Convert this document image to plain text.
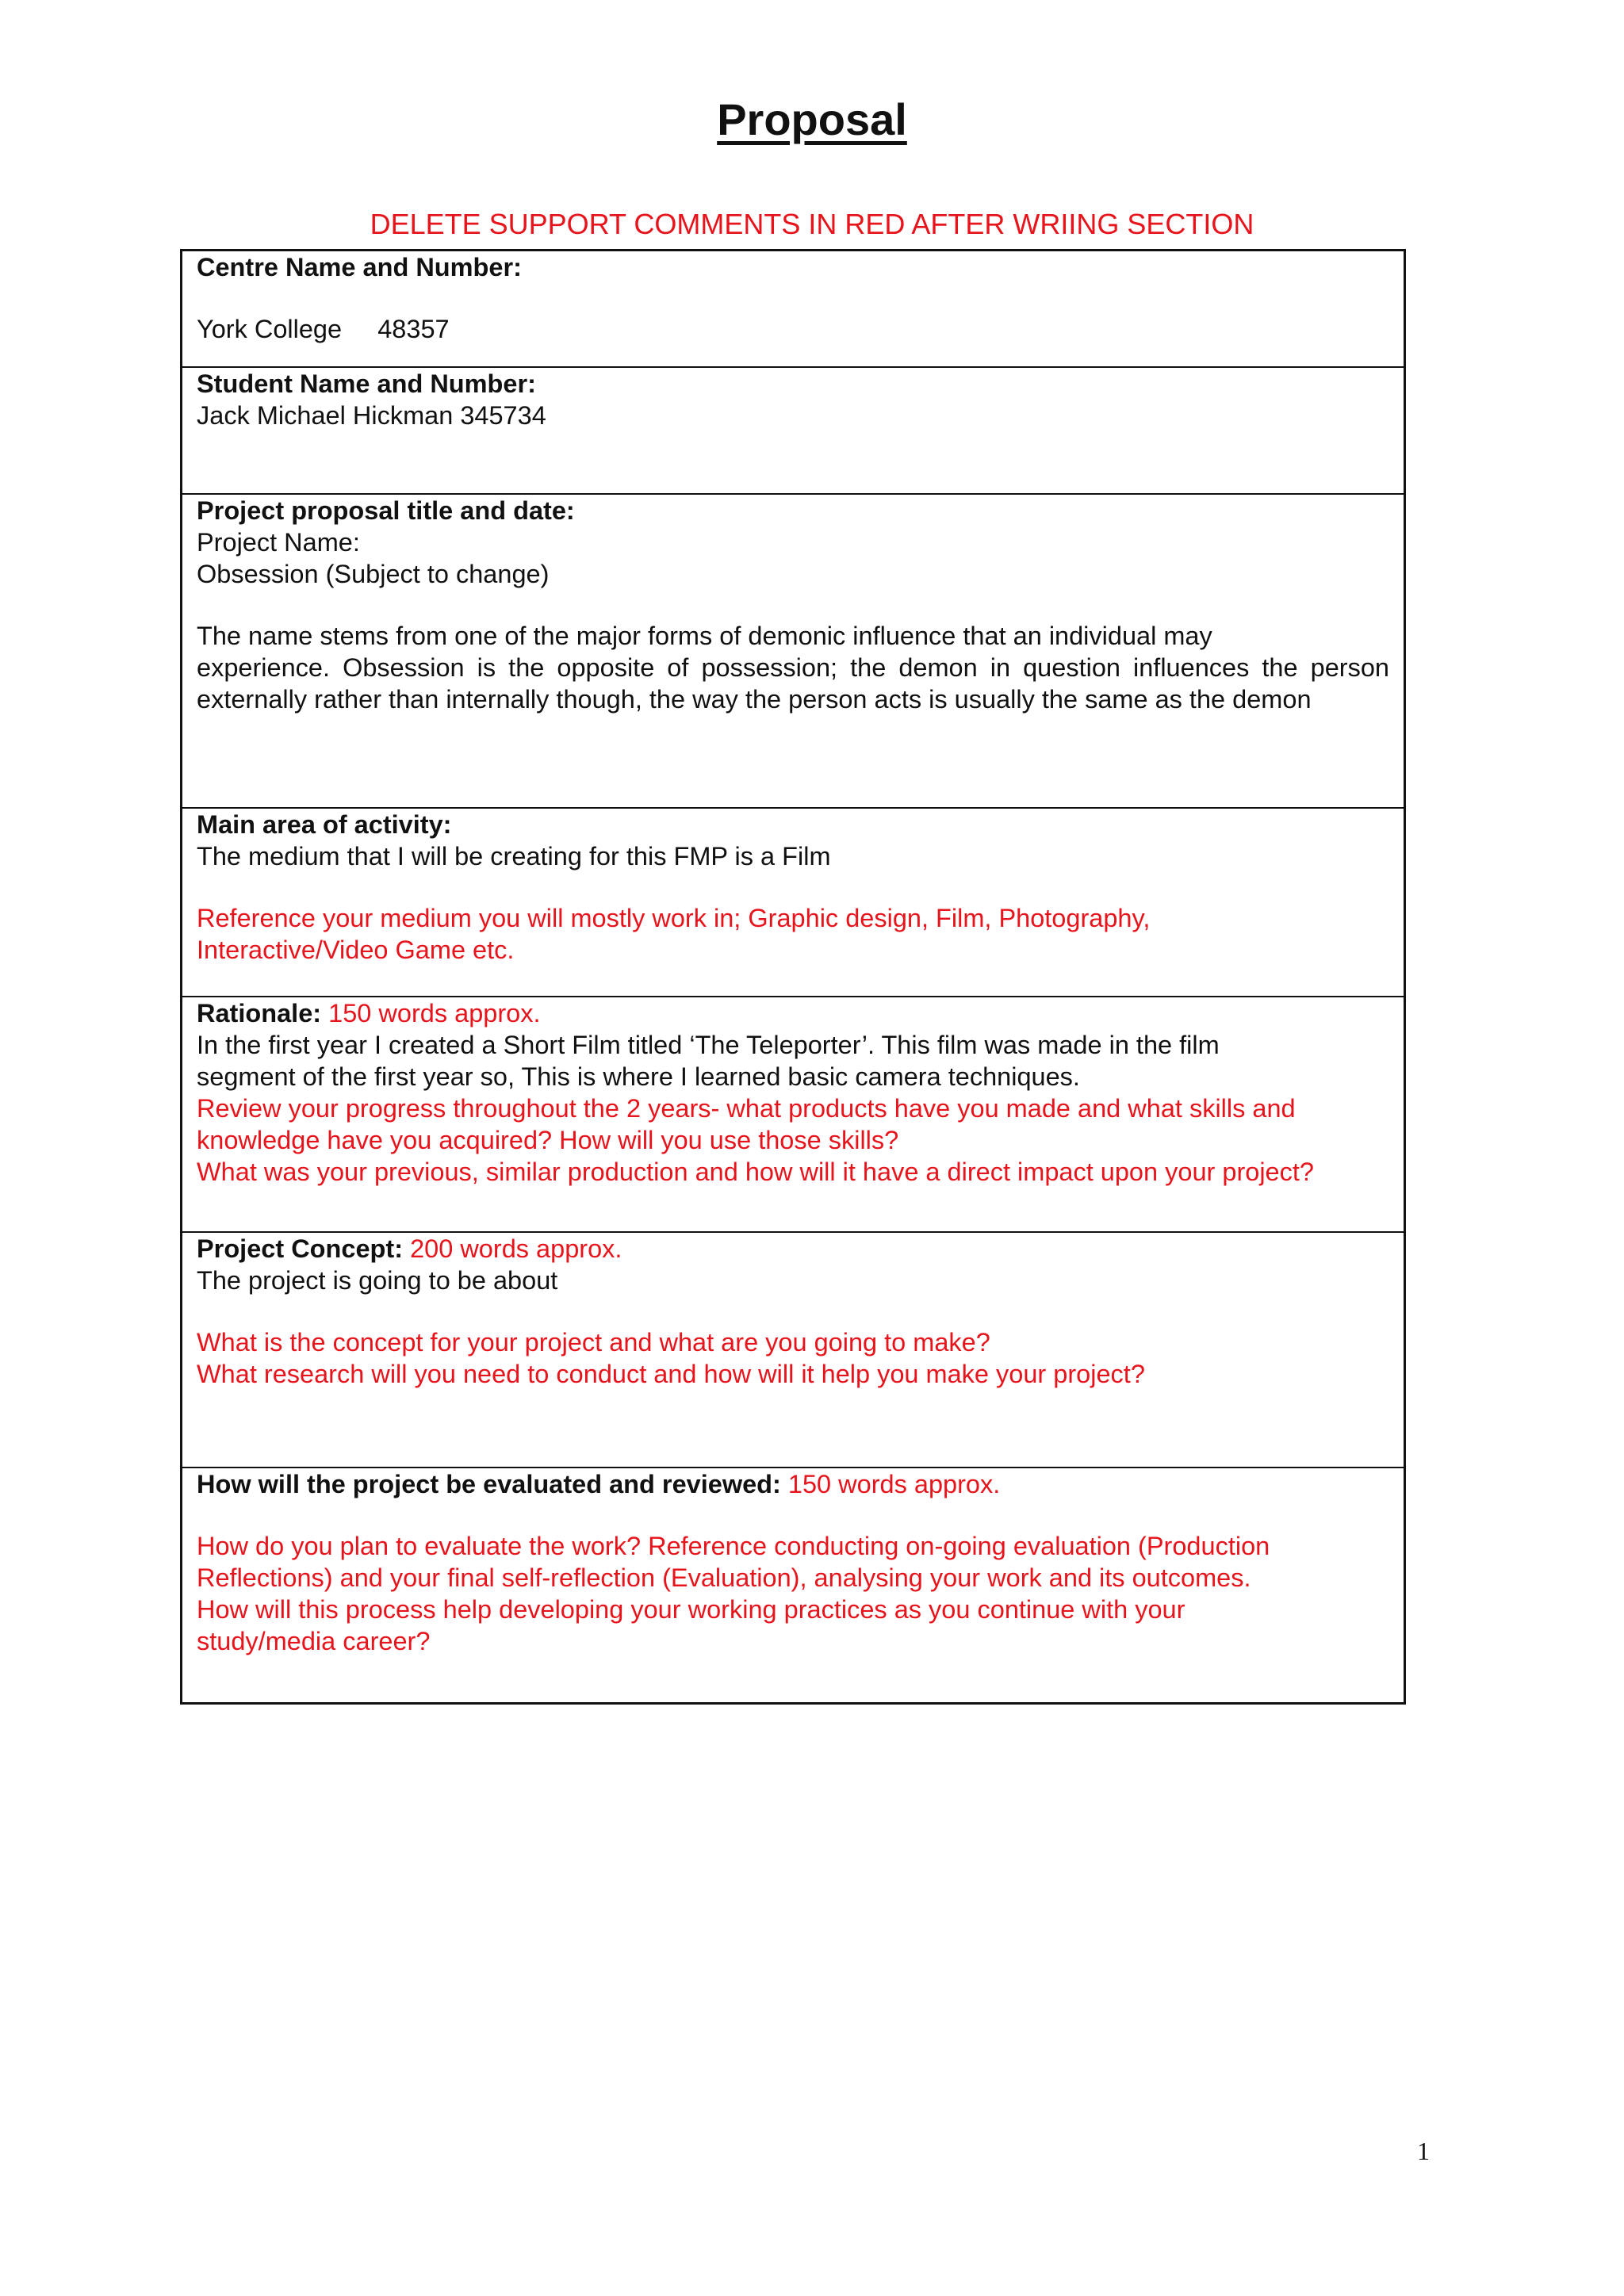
Proposal
DELETE SUPPORT COMMENTS IN RED AFTER WRIING SECTION

Centre Name and Number:

York College     48357

Student Name and Number:

Jack Michael Hickman 345734

Project proposal title and date:

Project Name:

Obsession (Subject to change)

The name stems from one of the major forms of demonic influence that an individual may

experience. Obsession is the opposite of possession; the demon in question influences the person

externally rather than internally though, the way the person acts is usually the same as the demon

Main area of activity:

The medium that I will be creating for this FMP is a Film

Reference your medium you will mostly work in; Graphic design, Film, Photography,

Interactive/Video Game etc.

Rationale: 150 words approx.

In the first year I created a Short Film titled ‘The Teleporter’. This film was made in the film

segment of the first year so, This is where I learned basic camera techniques.

Review your progress throughout the 2 years- what products have you made and what skills and

knowledge have you acquired? How will you use those skills?

What was your previous, similar production and how will it have a direct impact upon your project?

Project Concept: 200 words approx.

The project is going to be about

What is the concept for your project and what are you going to make?

What research will you need to conduct and how will it help you make your project?

How will the project be evaluated and reviewed: 150 words approx.

How do you plan to evaluate the work? Reference conducting on-going evaluation (Production

Reflections) and your final self-reflection (Evaluation), analysing your work and its outcomes.

How will this process help developing your working practices as you continue with your

study/media career?

1
